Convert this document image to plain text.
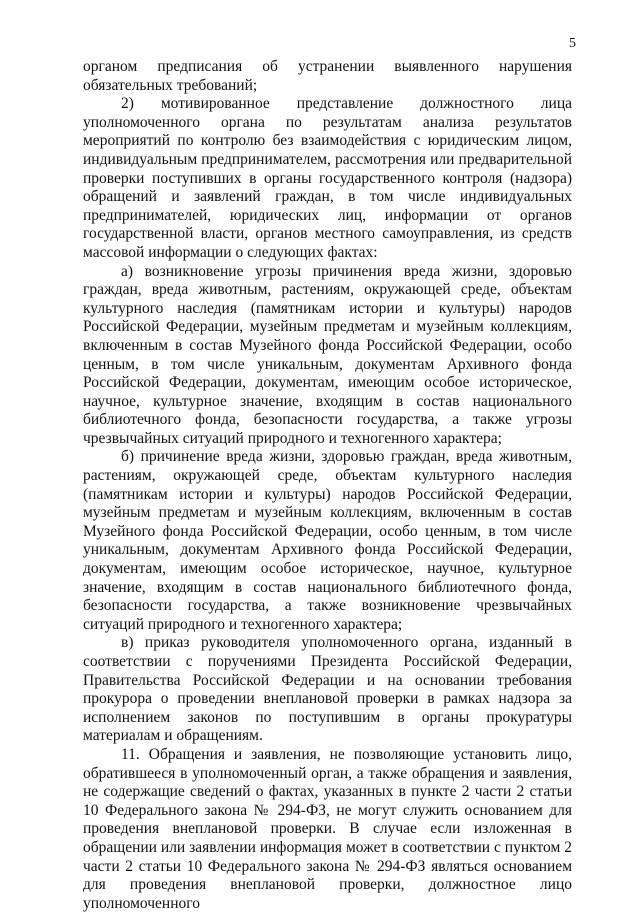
5

органом предписания об устранении выявленного нарушения обязательных требований;

2) мотивированное представление должностного лица уполномоченного органа по результатам анализа результатов мероприятий по контролю без взаимодействия с юридическим лицом, индивидуальным предпринимателем, рассмотрения или предварительной проверки поступивших в органы государственного контроля (надзора) обращений и заявлений граждан, в том числе индивидуальных предпринимателей, юридических лиц, информации от органов государственной власти, органов местного самоуправления, из средств массовой информации о следующих фактах:

а) возникновение угрозы причинения вреда жизни, здоровью граждан, вреда животным, растениям, окружающей среде, объектам культурного наследия (памятникам истории и культуры) народов Российской Федерации, музейным предметам и музейным коллекциям, включенным в состав Музейного фонда Российской Федерации, особо ценным, в том числе уникальным, документам Архивного фонда Российской Федерации, документам, имеющим особое историческое, научное, культурное значение, входящим в состав национального библиотечного фонда, безопасности государства, а также угрозы чрезвычайных ситуаций природного и техногенного характера;

б) причинение вреда жизни, здоровью граждан, вреда животным, растениям, окружающей среде, объектам культурного наследия (памятникам истории и культуры) народов Российской Федерации, музейным предметам и музейным коллекциям, включенным в состав Музейного фонда Российской Федерации, особо ценным, в том числе уникальным, документам Архивного фонда Российской Федерации, документам, имеющим особое историческое, научное, культурное значение, входящим в состав национального библиотечного фонда, безопасности государства, а также возникновение чрезвычайных ситуаций природного и техногенного характера;

в) приказ руководителя уполномоченного органа, изданный в соответствии с поручениями Президента Российской Федерации, Правительства Российской Федерации и на основании требования прокурора о проведении внеплановой проверки в рамках надзора за исполнением законов по поступившим в органы прокуратуры материалам и обращениям.

11. Обращения и заявления, не позволяющие установить лицо, обратившееся в уполномоченный орган, а также обращения и заявления, не содержащие сведений о фактах, указанных в пункте 2 части 2 статьи 10 Федерального закона № 294-ФЗ, не могут служить основанием для проведения внеплановой проверки. В случае если изложенная в обращении или заявлении информация может в соответствии с пунктом 2 части 2 статьи 10 Федерального закона № 294-ФЗ являться основанием для проведения внеплановой проверки, должностное лицо уполномоченного
